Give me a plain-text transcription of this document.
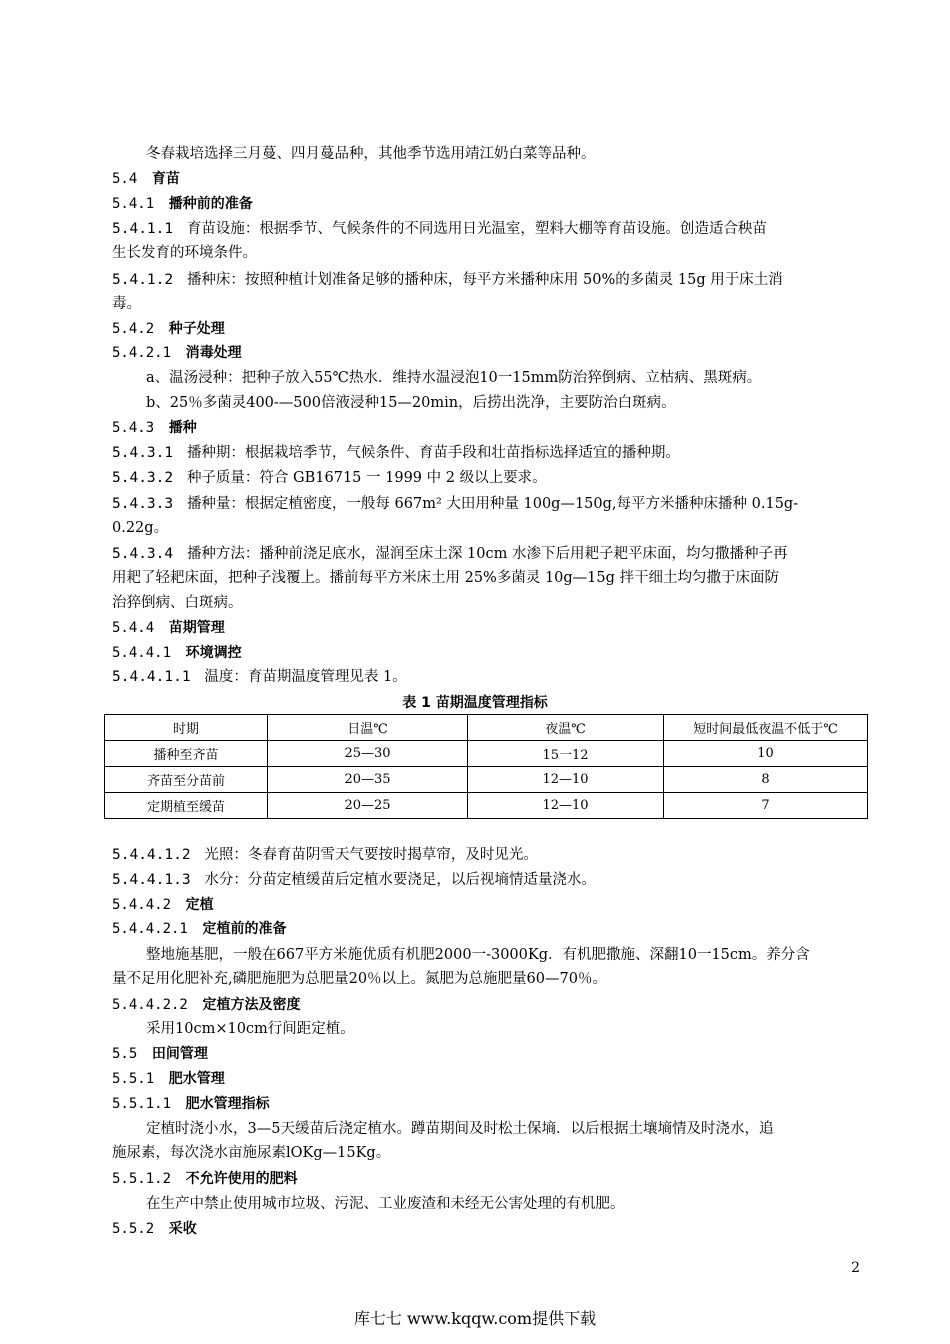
冬春栽培选择三月蔓、四月蔓品种，其他季节选用靖江奶白菜等品种。
5.4 育苗
5.4.1 播种前的准备
5.4.1.1 育苗设施：根据季节、气候条件的不同选用日光温室，塑料大棚等育苗设施。创造适合秧苗
生长发育的环境条件。
5.4.1.2 播种床：按照种植计划准备足够的播种床，每平方米播种床用 50%的多菌灵 15g 用于床土消
毒。
5.4.2 种子处理
5.4.2.1 消毒处理
a、温汤浸种：把种子放入55℃热水．维持水温浸泡10一15mm防治猝倒病、立枯病、黑斑病。
b、25％多菌灵400-—500倍液浸种15—20min，后捞出洗净，主要防治白斑病。
5.4.3 播种
5.4.3.1 播种期：根据栽培季节，气候条件、育苗手段和壮苗指标选择适宜的播种期。
5.4.3.2 种子质量：符合 GB16715 一 1999 中 2 级以上要求。
5.4.3.3 播种量：根据定植密度，一般每 667m² 大田用种量 100g—150g,每平方米播种床播种 0.15g-
0.22g。
5.4.3.4 播种方法：播种前浇足底水，湿润至床土深 10cm 水渗下后用耙子耙平床面，均匀撒播种子再
用耙了轻耙床面，把种子浅覆上。播前每平方米床土用 25%多菌灵 10g—15g 拌干细土均匀撒于床面防
治猝倒病、白斑病。
5.4.4 苗期管理
5.4.4.1 环境调控
5.4.4.1.1 温度：育苗期温度管理见表 1。
表 1 苗期温度管理指标
时期	日温℃	夜温℃	短时间最低夜温不低于℃
播种至齐苗	25—30	15一12	10
齐苗至分苗前	20—35	12—10	8
定期植至缓苗	20—25	12—10	7
5.4.4.1.2 光照：冬春育苗阴雪天气要按时揭草帘，及时见光。
5.4.4.1.3 水分：分苗定植缓苗后定植水要浇足，以后视墒情适量浇水。
5.4.4.2 定植
5.4.4.2.1 定植前的准备
整地施基肥，一般在667平方米施优质有机肥2000一-3000Kg．有机肥撒施、深翻10一15cm。养分含
量不足用化肥补充,磷肥施肥为总肥量20％以上。氮肥为总施肥量60—70％。
5.4.4.2.2 定植方法及密度
采用10cm×10cm行间距定植。
5.5 田间管理
5.5.1 肥水管理
5.5.1.1 肥水管理指标
定植时浇小水，3—5天缓苗后浇定植水。蹲苗期间及时松土保墒．以后根据土壤墒情及时浇水，追
施尿素，每次浇水亩施尿素lOKg—15Kg。
5.5.1.2 不允许使用的肥料
在生产中禁止使用城市垃圾、污泥、工业废渣和未经无公害处理的有机肥。
5.5.2 采收
2
库七七 www.kqqw.com提供下载
